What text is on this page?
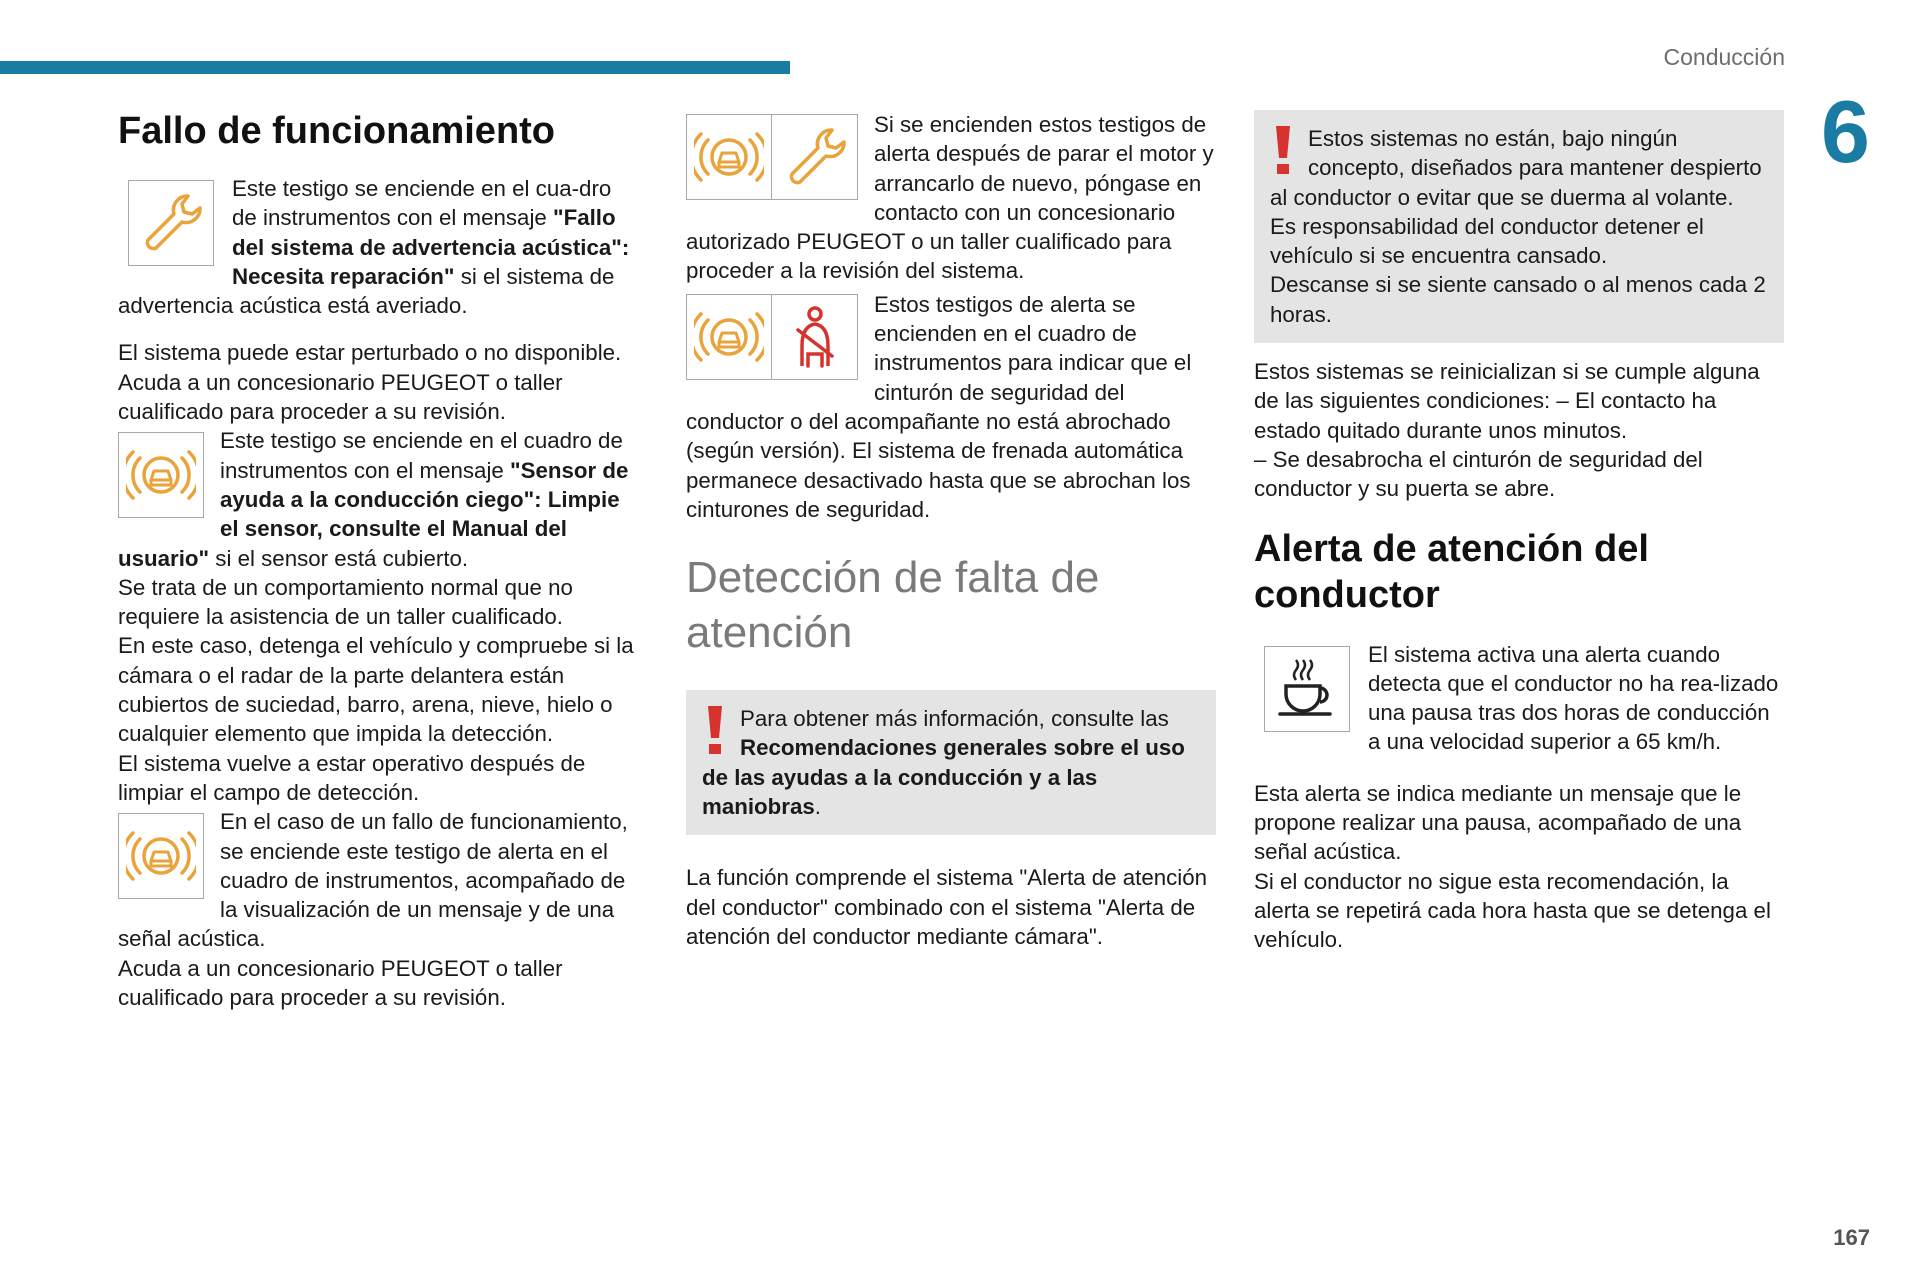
Conducción
6
167
Fallo de funcionamiento

Este testigo se enciende en el cua-dro de instrumentos con el mensaje "Fallo del sistema de advertencia acústica": Necesita reparación" si el sistema de advertencia acústica está averiado.

El sistema puede estar perturbado o no disponible.

Acuda a un concesionario PEUGEOT o taller cualificado para proceder a su revisión.

Este testigo se enciende en el cuadro de instrumentos con el mensaje "Sensor de ayuda a la conducción ciego": Limpie el sensor, consulte el Manual del usuario" si el sensor está cubierto.

Se trata de un comportamiento normal que no requiere la asistencia de un taller cualificado.

En este caso, detenga el vehículo y compruebe si la cámara o el radar de la parte delantera están cubiertos de suciedad, barro, arena, nieve, hielo o cualquier elemento que impida la detección.

El sistema vuelve a estar operativo después de limpiar el campo de detección.

En el caso de un fallo de funcionamiento, se enciende este testigo de alerta en el cuadro de instrumentos, acompañado de la visualización de un mensaje y de una señal acústica.

Acuda a un concesionario PEUGEOT o taller cualificado para proceder a su revisión.

Si se encienden estos testigos de alerta después de parar el motor y arrancarlo de nuevo, póngase en contacto con un concesionario autorizado PEUGEOT o un taller cualificado para proceder a la revisión del sistema.

Estos testigos de alerta se encienden en el cuadro de instrumentos para indicar que el cinturón de seguridad del conductor o del acompañante no está abrochado (según versión). El sistema de frenada automática permanece desactivado hasta que se abrochan los cinturones de seguridad.

Detección de falta de atención

Para obtener más información, consulte las Recomendaciones generales sobre el uso de las ayudas a la conducción y a las maniobras.

La función comprende el sistema "Alerta de atención del conductor" combinado con el sistema "Alerta de atención del conductor mediante cámara".

Estos sistemas no están, bajo ningún concepto, diseñados para mantener despierto al conductor o evitar que se duerma al volante.

Es responsabilidad del conductor detener el vehículo si se encuentra cansado.

Descanse si se siente cansado o al menos cada 2 horas.

Estos sistemas se reinicializan si se cumple alguna de las siguientes condiciones: – El contacto ha estado quitado durante unos minutos.

– Se desabrocha el cinturón de seguridad del conductor y su puerta se abre.

Alerta de atención del conductor

El sistema activa una alerta cuando detecta que el conductor no ha rea-lizado una pausa tras dos horas de conducción a una velocidad superior a 65 km/h.

Esta alerta se indica mediante un mensaje que le propone realizar una pausa, acompañado de una señal acústica.

Si el conductor no sigue esta recomendación, la alerta se repetirá cada hora hasta que se detenga el vehículo.
